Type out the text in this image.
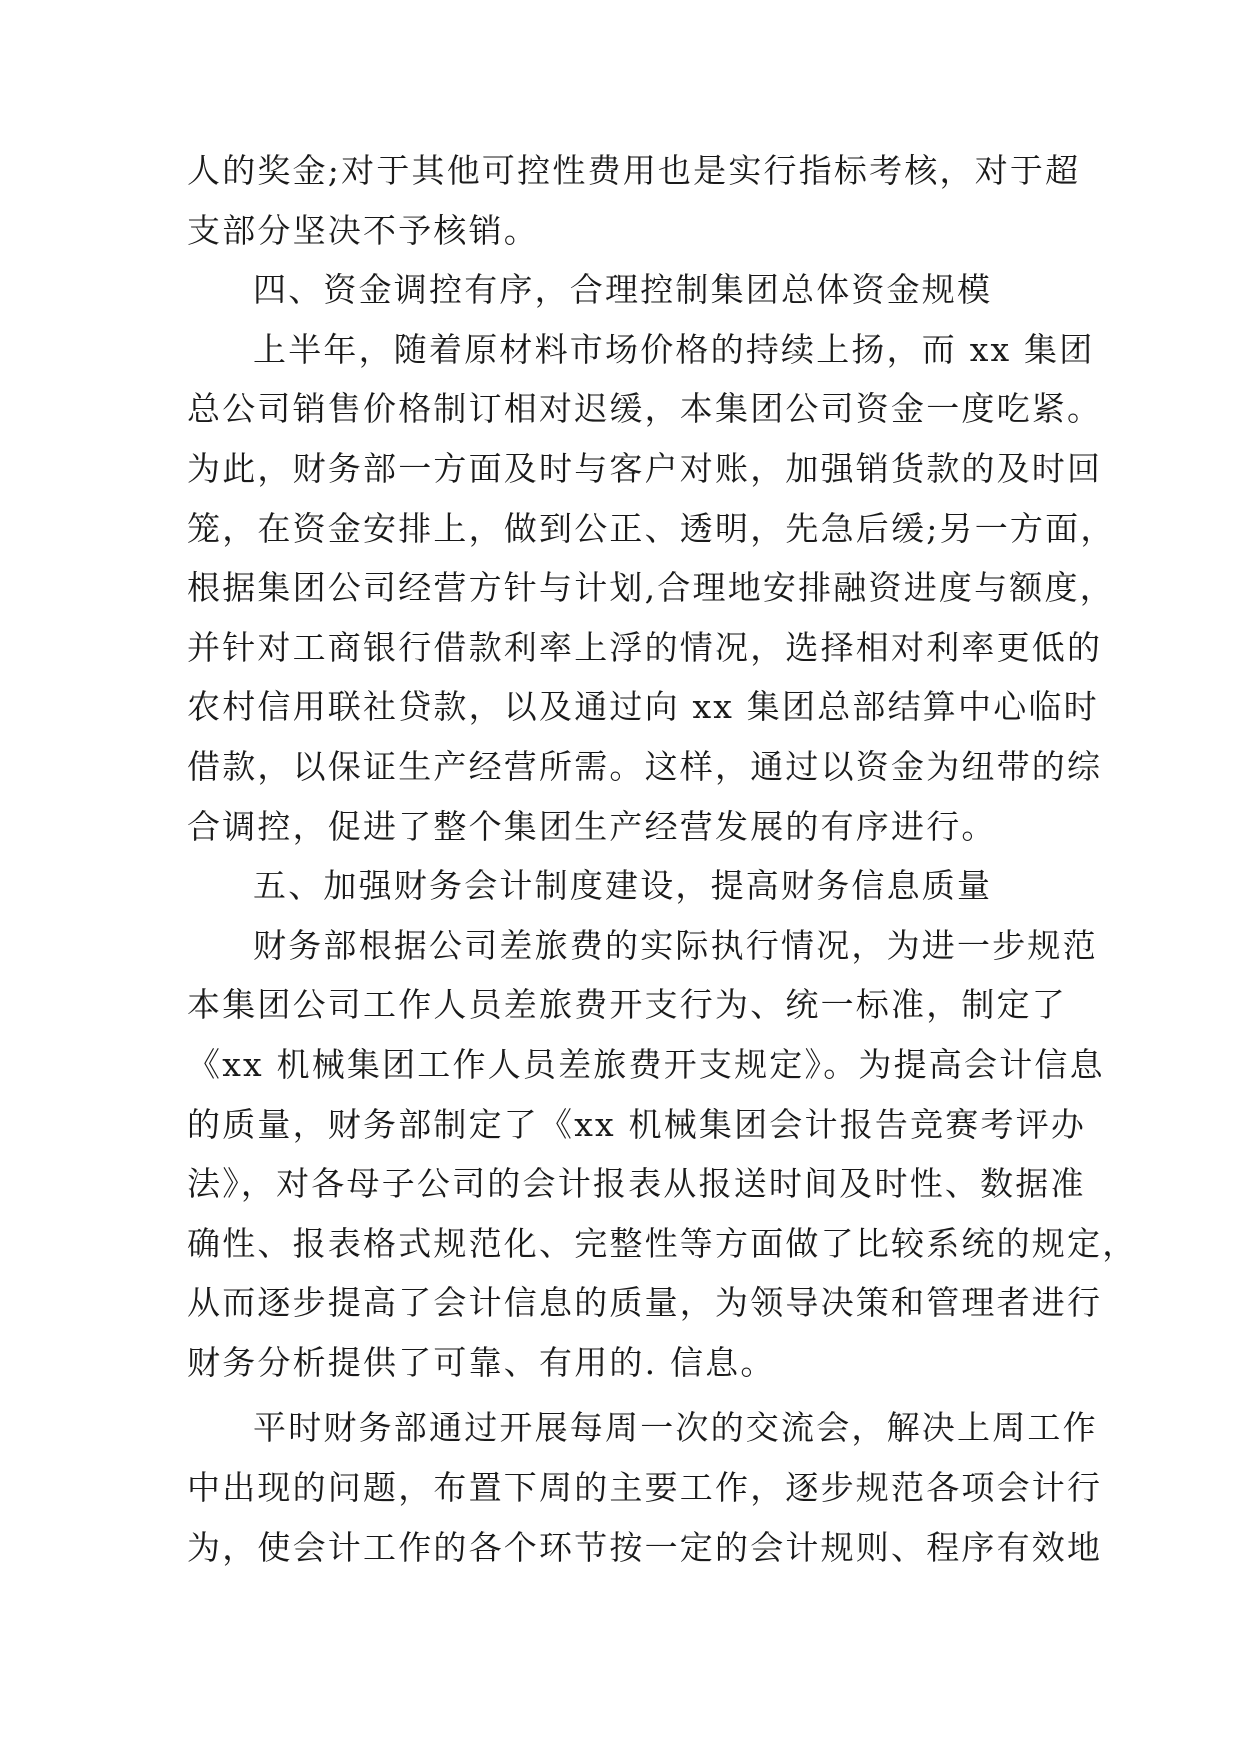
人的奖金;对于其他可控性费用也是实行指标考核，对于超
支部分坚决不予核销。
四、资金调控有序，合理控制集团总体资金规模
上半年，随着原材料市场价格的持续上扬，而 xx 集团
总公司销售价格制订相对迟缓，本集团公司资金一度吃紧。
为此，财务部一方面及时与客户对账，加强销货款的及时回
笼，在资金安排上，做到公正、透明，先急后缓;另一方面，
根据集团公司经营方针与计划,合理地安排融资进度与额度，
并针对工商银行借款利率上浮的情况，选择相对利率更低的
农村信用联社贷款，以及通过向 xx 集团总部结算中心临时
借款，以保证生产经营所需。这样，通过以资金为纽带的综
合调控，促进了整个集团生产经营发展的有序进行。
五、加强财务会计制度建设，提高财务信息质量
财务部根据公司差旅费的实际执行情况，为进一步规范
本集团公司工作人员差旅费开支行为、统一标准，制定了
《xx 机械集团工作人员差旅费开支规定》。为提高会计信息
的质量，财务部制定了《xx 机械集团会计报告竞赛考评办
法》，对各母子公司的会计报表从报送时间及时性、数据准
确性、报表格式规范化、完整性等方面做了比较系统的规定，
从而逐步提高了会计信息的质量，为领导决策和管理者进行
财务分析提供了可靠、有用的. 信息。
平时财务部通过开展每周一次的交流会，解决上周工作
中出现的问题，布置下周的主要工作，逐步规范各项会计行
为，使会计工作的各个环节按一定的会计规则、程序有效地
